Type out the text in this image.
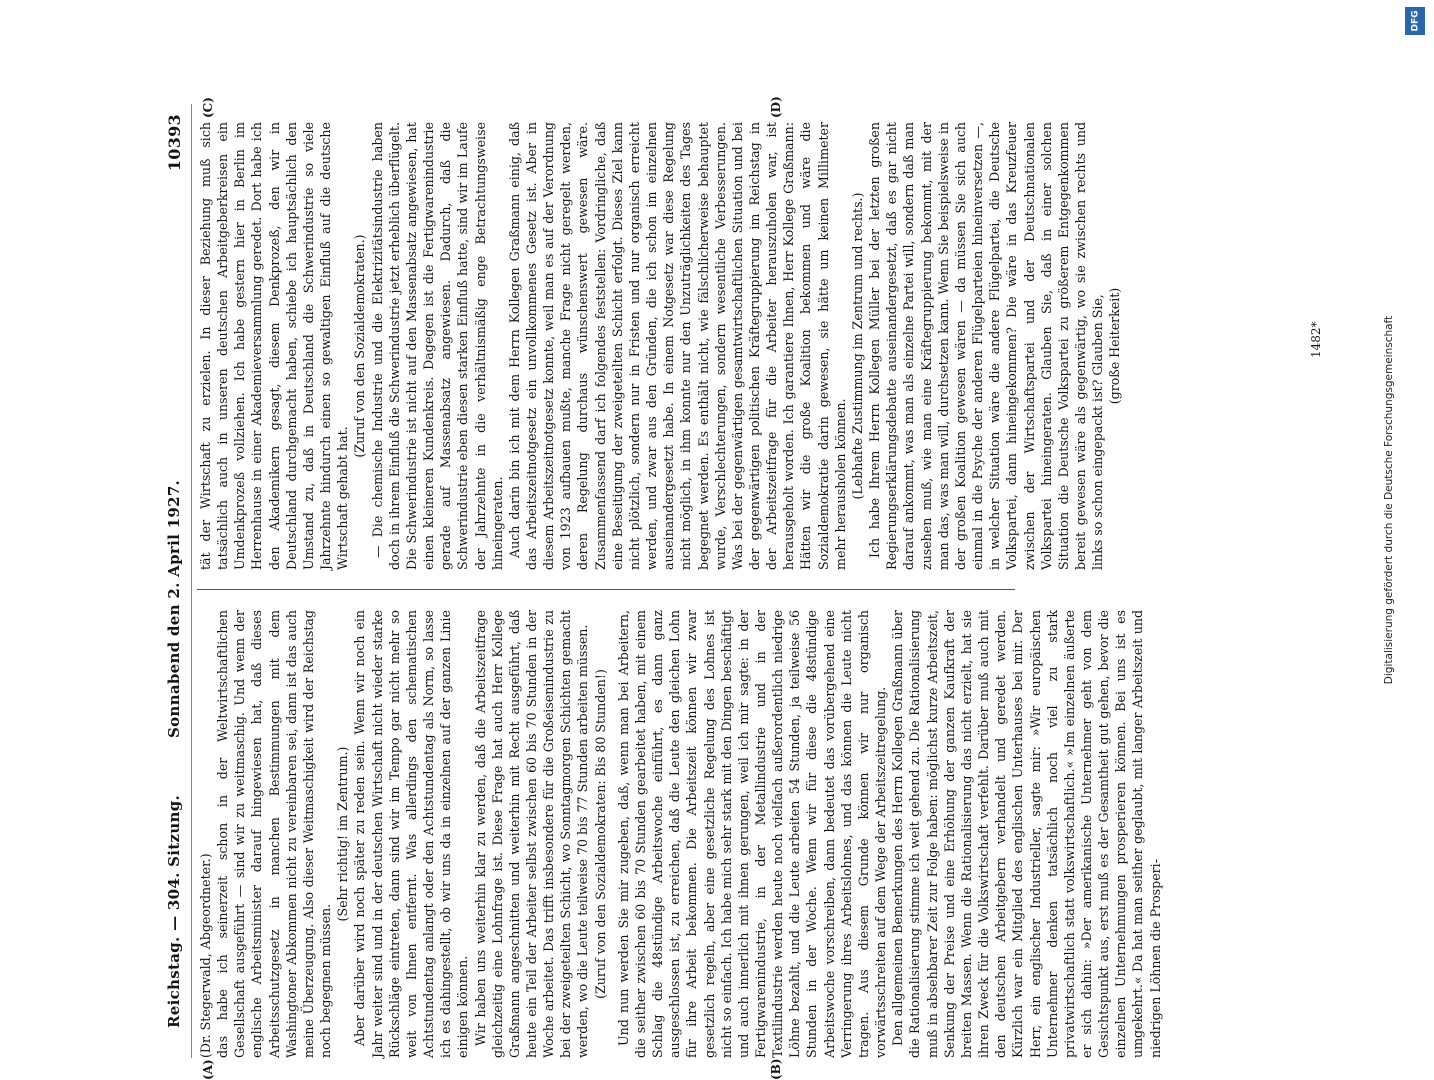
Reichstag. — 304. Sitzung.
Sonnabend den 2. April 1927.
10393
(A)	(B)
(C)	(D)

(Dr. Stegerwald, Abgeordneter.) das habe ich seinerzeit schon in der Weltwirtschaftlichen Gesellschaft ausgeführt — sind wir zu weitmaschig. Und wenn der englische Arbeitsminister darauf hingewiesen hat, daß dieses Arbeitsschutzgesetz in manchen Bestimmungen mit dem Washingtoner Abkommen nicht zu vereinbaren sei, dann ist das auch meine Überzeugung. Also dieser Weitmaschigkeit wird der Reichstag noch begegnen müssen.

(Sehr richtig! im Zentrum.) Aber darüber wird noch später zu reden sein. Wenn wir noch ein Jahr weiter sind und in der deutschen Wirtschaft nicht wieder starke Rückschläge eintreten, dann sind wir im Tempo gar nicht mehr so weit von Ihnen entfernt. Was allerdings den schematischen Achtstundentag anlangt oder den Achtstundentag als Norm, so lasse ich es dahingestellt, ob wir uns da in einzelnen auf der ganzen Linie einigen können. Wir haben uns weiterhin klar zu werden, daß die Arbeitszeitfrage gleichzeitig eine Lohnfrage ist. Diese Frage hat auch Herr Kollege Graßmann angeschnitten und weiterhin mit Recht ausgeführt, daß heute ein Teil der Arbeiter selbst zwischen 60 bis 70 Stunden in der Woche arbeitet. Das trifft insbesondere für die Großeisenindustrie zu bei der zweigeteilten Schicht, wo Sonntagmorgen Schichten gemacht werden, wo die Leute teilweise 70 bis 77 Stunden arbeiten müssen. (Zuruf von den Sozialdemokraten: Bis 80 Stunden!) Und nun werden Sie mir zugeben, daß, wenn man bei Arbeitern, die seither zwischen 60 bis 70 Stunden gearbeitet haben, mit einem Schlag die 48stündige Arbeitswoche einführt, es dann ganz ausgeschlossen ist, zu erreichen, daß die Leute den gleichen Lohn für ihre Arbeit bekommen. Die Arbeitszeit können wir zwar gesetzlich regeln, aber eine gesetzliche Regelung des Lohnes ist nicht so einfach. Ich habe mich sehr stark mit den Dingen beschäftigt und auch innerlich mit ihnen gerungen, weil ich mir sagte: in der Fertigwarenindustrie, in der Metallindustrie und in der Textilindustrie werden heute noch vielfach außerordentlich niedrige Löhne bezahlt, und die Leute arbeiten 54 Stunden, ja teilweise 56 Stunden in der Woche. Wenn wir für diese die 48stündige Arbeitswoche vorschreiben, dann bedeutet das vorübergehend eine Verringerung ihres Arbeitslohnes, und das können die Leute nicht tragen. Aus diesem Grunde können wir nur organisch vorwärtsschreiten auf dem Wege der Arbeitszeitregelung. Den allgemeinen Bemerkungen des Herrn Kollegen Graßmann über die Rationalisierung stimme ich weit gehend zu. Die Rationalisierung muß in absehbarer Zeit zur Folge haben: möglichst kurze Arbeitszeit, Senkung der Preise und eine Erhöhung der ganzen Kaufkraft der breiten Massen. Wenn die Rationalisierung das nicht erzielt, hat sie ihren Zweck für die Volkswirtschaft verfehlt. Darüber muß auch mit den deutschen Arbeitgebern verhandelt und geredet werden. Kürzlich war ein Mitglied des englischen Unterhauses bei mir. Der Herr, ein englischer Industrieller, sagte mir: »Wir europäischen Unternehmer denken tatsächlich noch viel zu stark privatwirtschaftlich statt volkswirtschaftlich.« »Im einzelnen äußerte er sich dahin: »Der amerikanische Unternehmer geht von dem Gesichtspunkt aus, erst muß es der Gesamtheit gut gehen, bevor die einzelnen Unternehmungen prosperieren können. Bei uns ist es umgekehrt.« Da hat man seither geglaubt, mit langer Arbeitszeit und niedrigen Löhnen die Prosperi-

tät der Wirtschaft zu erzielen. In dieser Beziehung muß sich tatsächlich auch in unseren deutschen Arbeitgeberkreisen ein Umdenkprozeß vollziehen. Ich habe gestern hier in Berlin im Herrenhause in einer Akademieversammlung geredet. Dort habe ich den Akademikern gesagt, diesem Denkprozeß, den wir in Deutschland durchgemacht haben, schiebe ich hauptsächlich den Umstand zu, daß in Deutschland die Schwerindustrie so viele Jahrzehnte hindurch einen so gewaltigen Einfluß auf die deutsche Wirtschaft gehabt hat.

(Zuruf von den Sozialdemokraten.) — Die chemische Industrie und die Elektrizitätsindustrie haben doch in ihrem Einfluß die Schwerindustrie jetzt erheblich überflügelt. Die Schwerindustrie ist nicht auf den Massenabsatz angewiesen, hat einen kleineren Kundenkreis. Dagegen ist die Fertigwarenindustrie gerade auf Massenabsatz angewiesen. Dadurch, daß die Schwerindustrie eben diesen starken Einfluß hatte, sind wir im Laufe der Jahrzehnte in die verhältnismäßig enge Betrachtungsweise hineingeraten. Auch darin bin ich mit dem Herrn Kollegen Graßmann einig, daß das Arbeitszeitnotgesetz ein unvollkommenes Gesetz ist. Aber in diesem Arbeitszeitnotgesetz konnte, weil man es auf der Verordnung von 1923 aufbauen mußte, manche Frage nicht geregelt werden, deren Regelung durchaus wünschenswert gewesen wäre. Zusammenfassend darf ich folgendes feststellen: Vordringliche, daß eine Beseitigung der zweigeteilten Schicht erfolgt. Dieses Ziel kann nicht plötzlich, sondern nur in Fristen und nur organisch erreicht werden, und zwar aus den Gründen, die ich schon im einzelnen auseinandergesetzt habe. In einem Notgesetz war diese Regelung nicht möglich, in ihm konnte nur den Unzuträglichkeiten des Tages begegnet werden. Es enthält nicht, wie fälschlicherweise behauptet wurde, Verschlechterungen, sondern wesentliche Verbesserungen. Was bei der gegenwärtigen gesamtwirtschaftlichen Situation und bei der gegenwärtigen politischen Kräftegruppierung im Reichstag in der Arbeitszeitfrage für die Arbeiter herauszuholen war, ist herausgeholt worden. Ich garantiere Ihnen, Herr Kollege Graßmann: Hätten wir die große Koalition bekommen und wäre die Sozialdemokratie darin gewesen, sie hätte um keinen Millimeter mehr herausholen können. (Lebhafte Zustimmung im Zentrum und rechts.) Ich habe Ihrem Herrn Kollegen Müller bei der letzten großen Regierungserklärungsdebatte auseinandergesetzt, daß es gar nicht darauf ankommt, was man als einzelne Partei will, sondern daß man zusehen muß, wie man eine Kräftegruppierung bekommt, mit der man das, was man will, durchsetzen kann. Wenn Sie beispielsweise in der großen Koalition gewesen wären — da müssen Sie sich auch einmal in die Psyche der anderen Flügelparteien hineinversetzen —, in welcher Situation wäre die andere Flügelpartei, die Deutsche Volkspartei, dann hineingekommen? Die wäre in das Kreuzfeuer zwischen der Wirtschaftspartei und der Deutschnationalen Volkspartei hineingeraten. Glauben Sie, daß in einer solchen Situation die Deutsche Volkspartei zu größerem Entgegenkommen bereit gewesen wäre als gegenwärtig, wo sie zwischen rechts und links so schon eingepackt ist? Glauben Sie, (große Heiterkeit)	1482*	Digitalisierung gefördert durch die Deutsche Forschungsgemeinschaft
DFG
